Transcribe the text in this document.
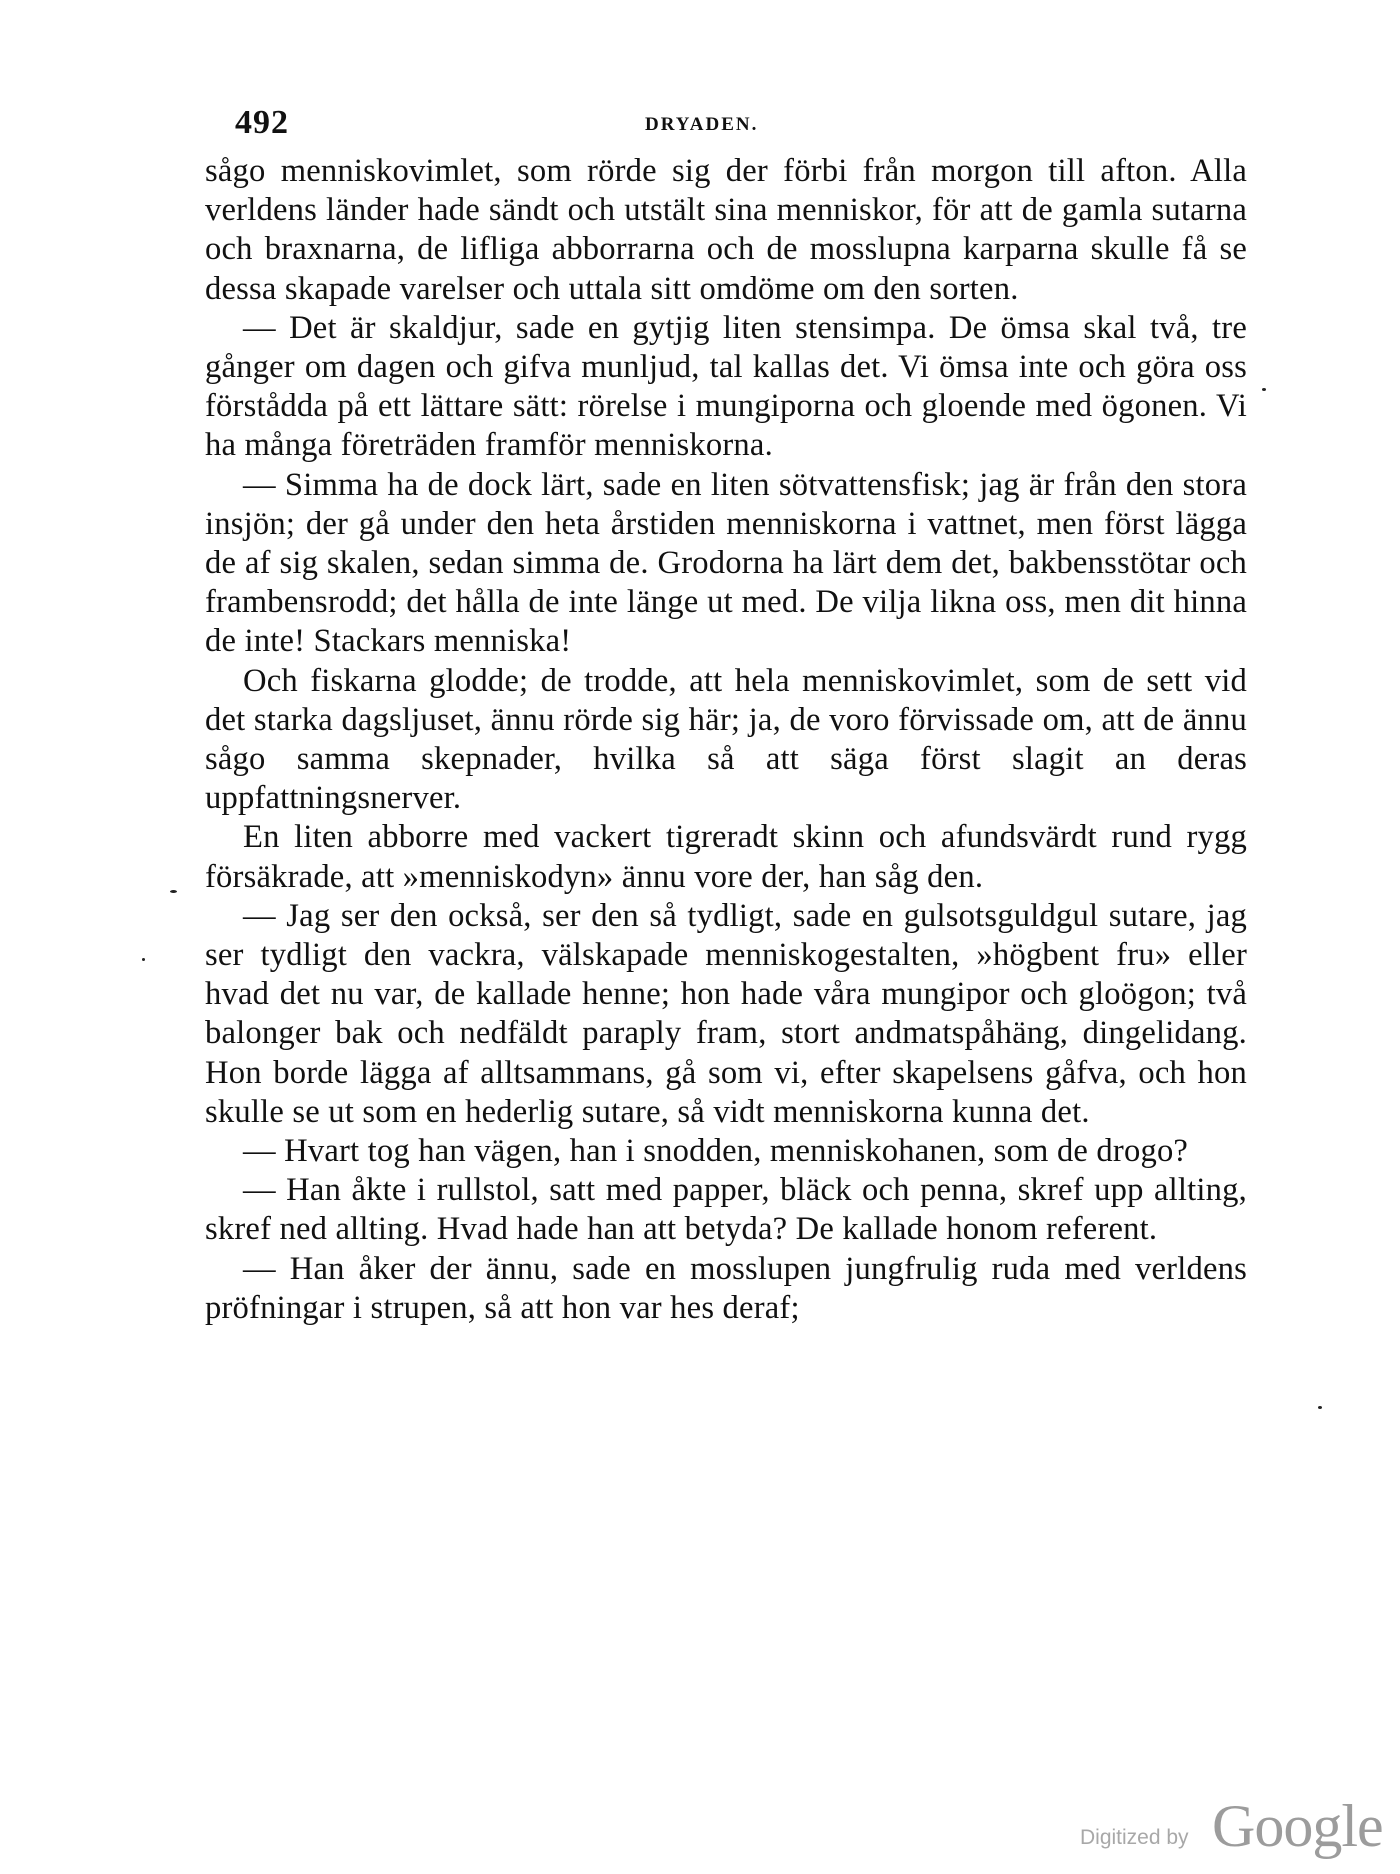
492	DRYADEN.

sågo menniskovimlet, som rörde sig der förbi från morgon till afton. Alla verldens länder hade sändt och utstält sina menniskor, för att de gamla sutarna och braxnarna, de lifliga abborrarna och de mosslupna karparna skulle få se dessa skapade varelser och uttala sitt omdöme om den sorten.

— Det är skaldjur, sade en gytjig liten stensimpa. De ömsa skal två, tre gånger om dagen och gifva munljud, tal kallas det. Vi ömsa inte och göra oss förstådda på ett lättare sätt: rörelse i mungiporna och gloende med ögonen. Vi ha många företräden framför menniskorna.

— Simma ha de dock lärt, sade en liten sötvattensfisk; jag är från den stora insjön; der gå under den heta årstiden menniskorna i vattnet, men först lägga de af sig skalen, sedan simma de. Grodorna ha lärt dem det, bakbensstötar och frambensrodd; det hålla de inte länge ut med. De vilja likna oss, men dit hinna de inte! Stackars menniska!

Och fiskarna glodde; de trodde, att hela menniskovimlet, som de sett vid det starka dagsljuset, ännu rörde sig här; ja, de voro förvissade om, att de ännu sågo samma skepnader, hvilka så att säga först slagit an deras uppfattningsnerver.

En liten abborre med vackert tigreradt skinn och afundsvärdt rund rygg försäkrade, att »menniskodyn» ännu vore der, han såg den.

— Jag ser den också, ser den så tydligt, sade en gulsotsguldgul sutare, jag ser tydligt den vackra, välskapade menniskogestalten, »högbent fru» eller hvad det nu var, de kallade henne; hon hade våra mungipor och gloögon; två balonger bak och nedfäldt paraply fram, stort andmatspåhäng, dingelidang. Hon borde lägga af alltsammans, gå som vi, efter skapelsens gåfva, och hon skulle se ut som en hederlig sutare, så vidt menniskorna kunna det.

— Hvart tog han vägen, han i snodden, menniskohanen, som de drogo?

— Han åkte i rullstol, satt med papper, bläck och penna, skref upp allting, skref ned allting. Hvad hade han att betyda? De kallade honom referent.

— Han åker der ännu, sade en mosslupen jungfrulig ruda med verldens pröfningar i strupen, så att hon var hes deraf;

Digitized by Google
